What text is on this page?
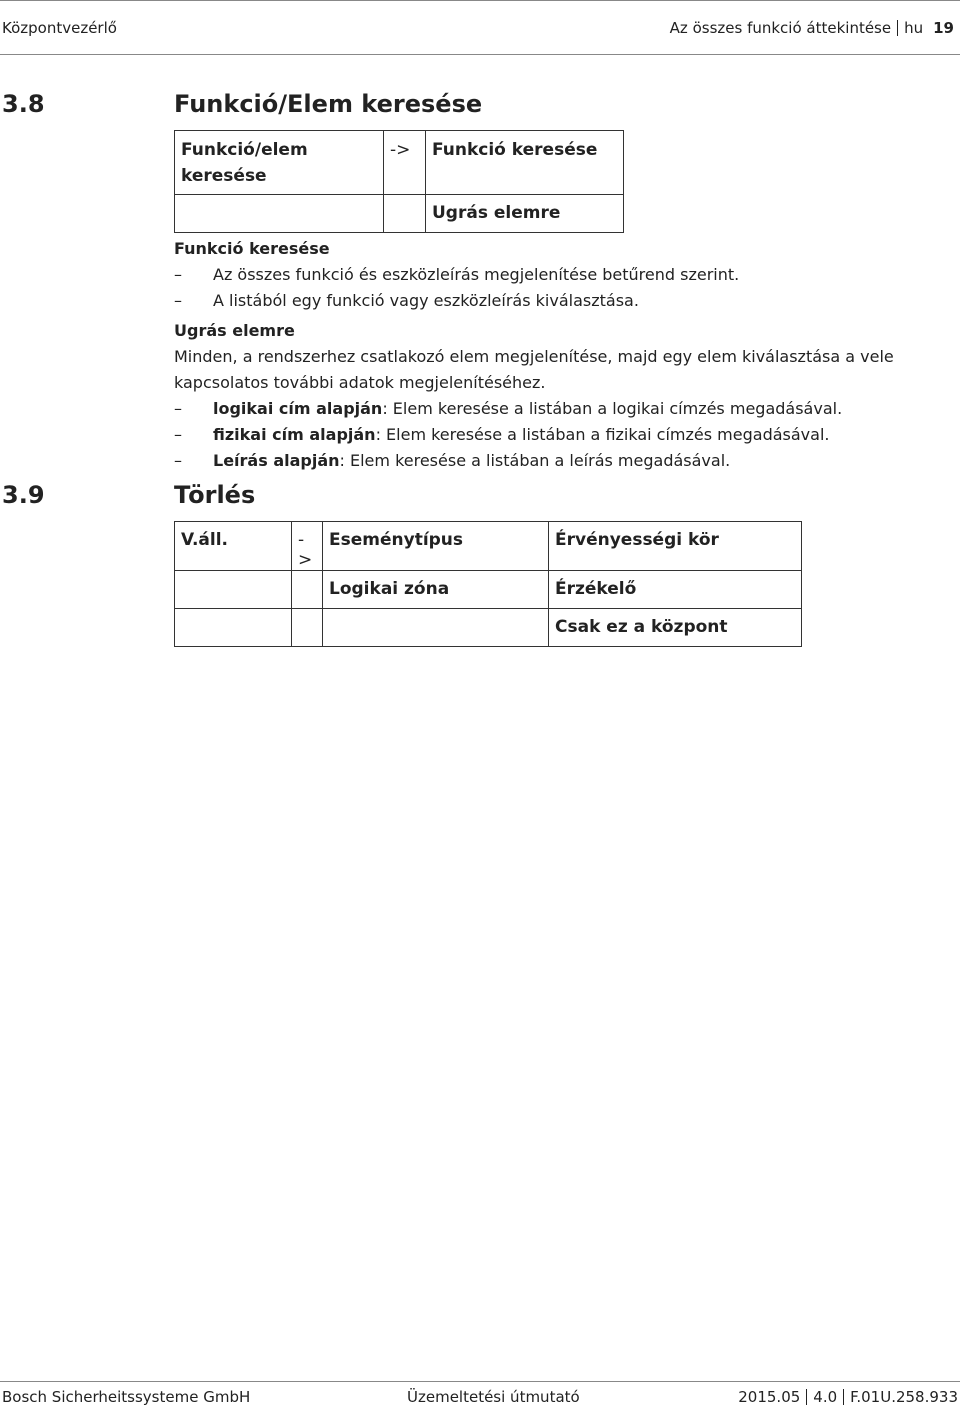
Központvezérlő	Az összes funkció áttekintése hu 19
3.8	Funkció/Elem keresése
Funkció/elem
keresése	->	Funkció keresése
		Ugrás elemre
Funkció keresése
– Az összes funkció és eszközleírás megjelenítése betűrend szerint.
– A listából egy funkció vagy eszközleírás kiválasztása.
Ugrás elemre
Minden, a rendszerhez csatlakozó elem megjelenítése, majd egy elem kiválasztása a vele kapcsolatos további adatok megjelenítéséhez.
– logikai cím alapján: Elem keresése a listában a logikai címzés megadásával.
– fizikai cím alapján: Elem keresése a listában a fizikai címzés megadásával.
– Leírás alapján: Elem keresése a listában a leírás megadásával.
3.9	Törlés
V.áll.	->	Eseménytípus	Érvényességi kör
		Logikai zóna	Érzékelő
			Csak ez a központ
Bosch Sicherheitssysteme GmbH	Üzemeltetési útmutató	2015.05 4.0 F.01U.258.933
